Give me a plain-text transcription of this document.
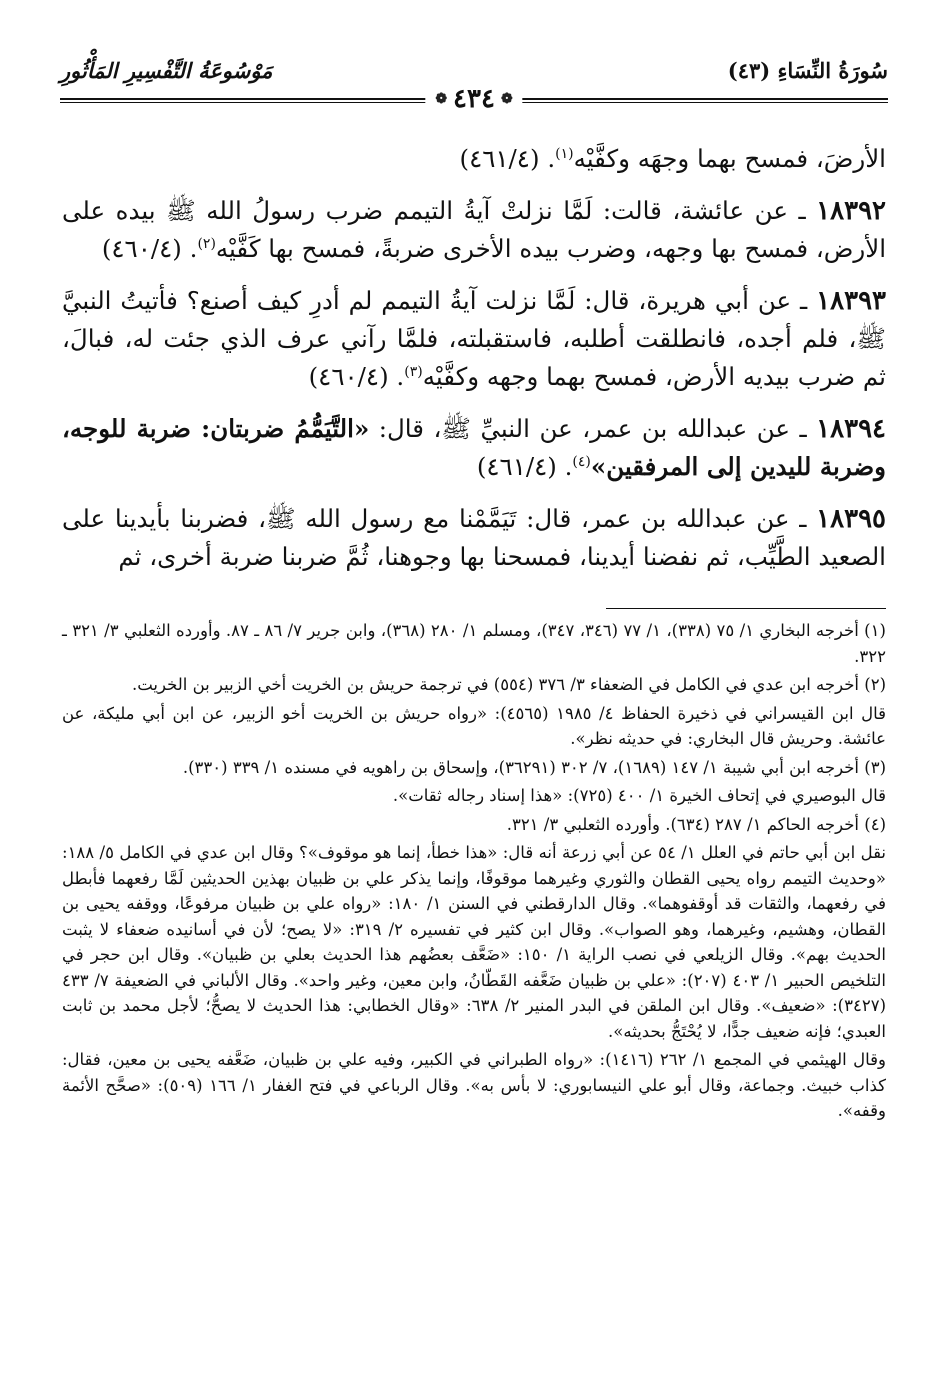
سُورَةُ النِّسَاءِ (٤٣)
مَوْسُوعَةُ التَّفْسِيرِ المَأْثُورِ
❁
٤٣٤
❁

الأرضَ، فمسح بهما وجهَه وكفَّيْه$^{(١)}$. (٤٦١/٤)

١٨٣٩٢ ـ عن عائشة، قالت: لَمَّا نزلتْ آيةُ التيمم ضرب رسولُ الله ﷺ بيده على الأرض، فمسح بها وجهه، وضرب بيده الأخرى ضربةً، فمسح بها كَفَّيْه$^{(٢)}$. (٤٦٠/٤)

١٨٣٩٣ ـ عن أبي هريرة، قال: لَمَّا نزلت آيةُ التيمم لم أدرِ كيف أصنع؟ فأتيتُ النبيَّ ﷺ، فلم أجده، فانطلقت أطلبه، فاستقبلته، فلمَّا رآني عرف الذي جئت له، فبالَ، ثم ضرب بيديه الأرض، فمسح بهما وجهه وكفَّيْه$^{(٣)}$. (٤٦٠/٤)

١٨٣٩٤ ـ عن عبدالله بن عمر، عن النبيِّ ﷺ، قال: «التَّيَمُّمُ ضربتان: ضربة للوجه، وضربة لليدين إلى المرفقين»$^{(٤)}$. (٤٦١/٤)

١٨٣٩٥ ـ عن عبدالله بن عمر، قال: تَيَمَّمْنا مع رسول الله ﷺ، فضربنا بأيدينا على الصعيد الطَّيِّب، ثم نفضنا أيدينا، فمسحنا بها وجوهنا، ثُمَّ ضربنا ضربة أخرى، ثم

(١) أخرجه البخاري ١/ ٧٥ (٣٣٨)، ١/ ٧٧ (٣٤٦، ٣٤٧)، ومسلم ١/ ٢٨٠ (٣٦٨)، وابن جرير ٧/ ٨٦ ـ ٨٧. وأورده الثعلبي ٣/ ٣٢١ ـ ٣٢٢.

(٢) أخرجه ابن عدي في الكامل في الضعفاء ٣/ ٣٧٦ (٥٥٤) في ترجمة حريش بن الخريت أخي الزبير بن الخريت.

قال ابن القيسراني في ذخيرة الحفاظ ٤/ ١٩٨٥ (٤٥٦٥): «رواه حريش بن الخريت أخو الزبير، عن ابن أبي مليكة، عن عائشة. وحريش قال البخاري: في حديثه نظر».

(٣) أخرجه ابن أبي شيبة ١/ ١٤٧ (١٦٨٩)، ٧/ ٣٠٢ (٣٦٢٩١)، وإسحاق بن راهويه في مسنده ١/ ٣٣٩ (٣٣٠).

قال البوصيري في إتحاف الخيرة ١/ ٤٠٠ (٧٢٥): «هذا إسناد رجاله ثقات».

(٤) أخرجه الحاكم ١/ ٢٨٧ (٦٣٤). وأورده الثعلبي ٣/ ٣٢١.

نقل ابن أبي حاتم في العلل ١/ ٥٤ عن أبي زرعة أنه قال: «هذا خطأ، إنما هو موقوف»؟ وقال ابن عدي في الكامل ٥/ ١٨٨: «وحديث التيمم رواه يحيى القطان والثوري وغيرهما موقوفًا، وإنما يذكر علي بن ظبيان بهذين الحديثين لَمَّا رفعهما فأبطل في رفعهما، والثقات قد أوقفوهما». وقال الدارقطني في السنن ١/ ١٨٠: «رواه علي بن ظبيان مرفوعًا، ووقفه يحيى بن القطان، وهشيم، وغيرهما، وهو الصواب». وقال ابن كثير في تفسيره ٢/ ٣١٩: «لا يصح؛ لأن في أسانيده ضعفاء لا يثبت الحديث بهم». وقال الزيلعي في نصب الراية ١/ ١٥٠: «ضَعَّف بعضُهم هذا الحديث بعلي بن ظبيان». وقال ابن حجر في التلخيص الحبير ١/ ٤٠٣ (٢٠٧): «علي بن ظبيان ضَعَّفه القَطّانُ، وابن معين، وغير واحد». وقال الألباني في الضعيفة ٧/ ٤٣٣ (٣٤٢٧): «ضعيف». وقال ابن الملقن في البدر المنير ٢/ ٦٣٨: «وقال الخطابي: هذا الحديث لا يصحُّ؛ لأجل محمد بن ثابت العبدي؛ فإنه ضعيف جدًّا، لا يُحْتَجُّ بحديثه».

وقال الهيثمي في المجمع ١/ ٢٦٢ (١٤١٦): «رواه الطبراني في الكبير، وفيه علي بن ظبيان، ضَعَّفه يحيى بن معين، فقال: كذاب خبيث. وجماعة، وقال أبو علي النيسابوري: لا بأس به». وقال الرباعي في فتح الغفار ١/ ١٦٦ (٥٠٩): «صحَّح الأئمة وقفه».
